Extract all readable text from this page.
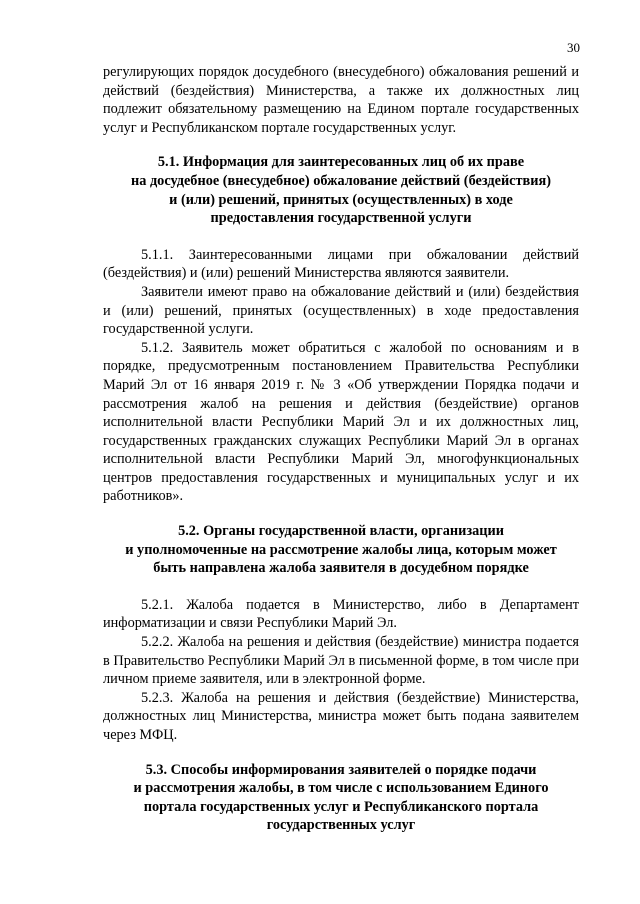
30

регулирующих порядок досудебного (внесудебного) обжалования решений и действий (бездействия) Министерства, а также их должностных лиц подлежит обязательному размещению на Едином портале государственных услуг и Республиканском портале государственных услуг.

5.1. Информация для заинтересованных лиц об их праве
на досудебное (внесудебное) обжалование действий (бездействия)
и (или) решений, принятых (осуществленных) в ходе
предоставления государственной услуги

5.1.1. Заинтересованными лицами при обжаловании действий (бездействия) и (или) решений Министерства являются заявители.

Заявители имеют право на обжалование действий и (или) бездействия и (или) решений, принятых (осуществленных) в ходе предоставления государственной услуги.

5.1.2. Заявитель может обратиться с жалобой по основаниям и в порядке, предусмотренным постановлением Правительства Республики Марий Эл от 16 января 2019 г. № 3 «Об утверждении Порядка подачи и рассмотрения жалоб на решения и действия (бездействие) органов исполнительной власти Республики Марий Эл и их должностных лиц, государственных гражданских служащих Республики Марий Эл в органах исполнительной власти Республики Марий Эл, многофункциональных центров предоставления государственных и муниципальных услуг и их работников».

5.2. Органы государственной власти, организации
и уполномоченные на рассмотрение жалобы лица, которым может
быть направлена жалоба заявителя в досудебном порядке

5.2.1. Жалоба подается в Министерство, либо в Департамент информатизации и связи Республики Марий Эл.

5.2.2. Жалоба на решения и действия (бездействие) министра подается в Правительство Республики Марий Эл в письменной форме, в том числе при личном приеме заявителя, или в электронной форме.

5.2.3. Жалоба на решения и действия (бездействие) Министерства, должностных лиц Министерства, министра может быть подана заявителем через МФЦ.

5.3. Способы информирования заявителей о порядке подачи
и рассмотрения жалобы, в том числе с использованием Единого
портала государственных услуг и Республиканского портала
государственных услуг
